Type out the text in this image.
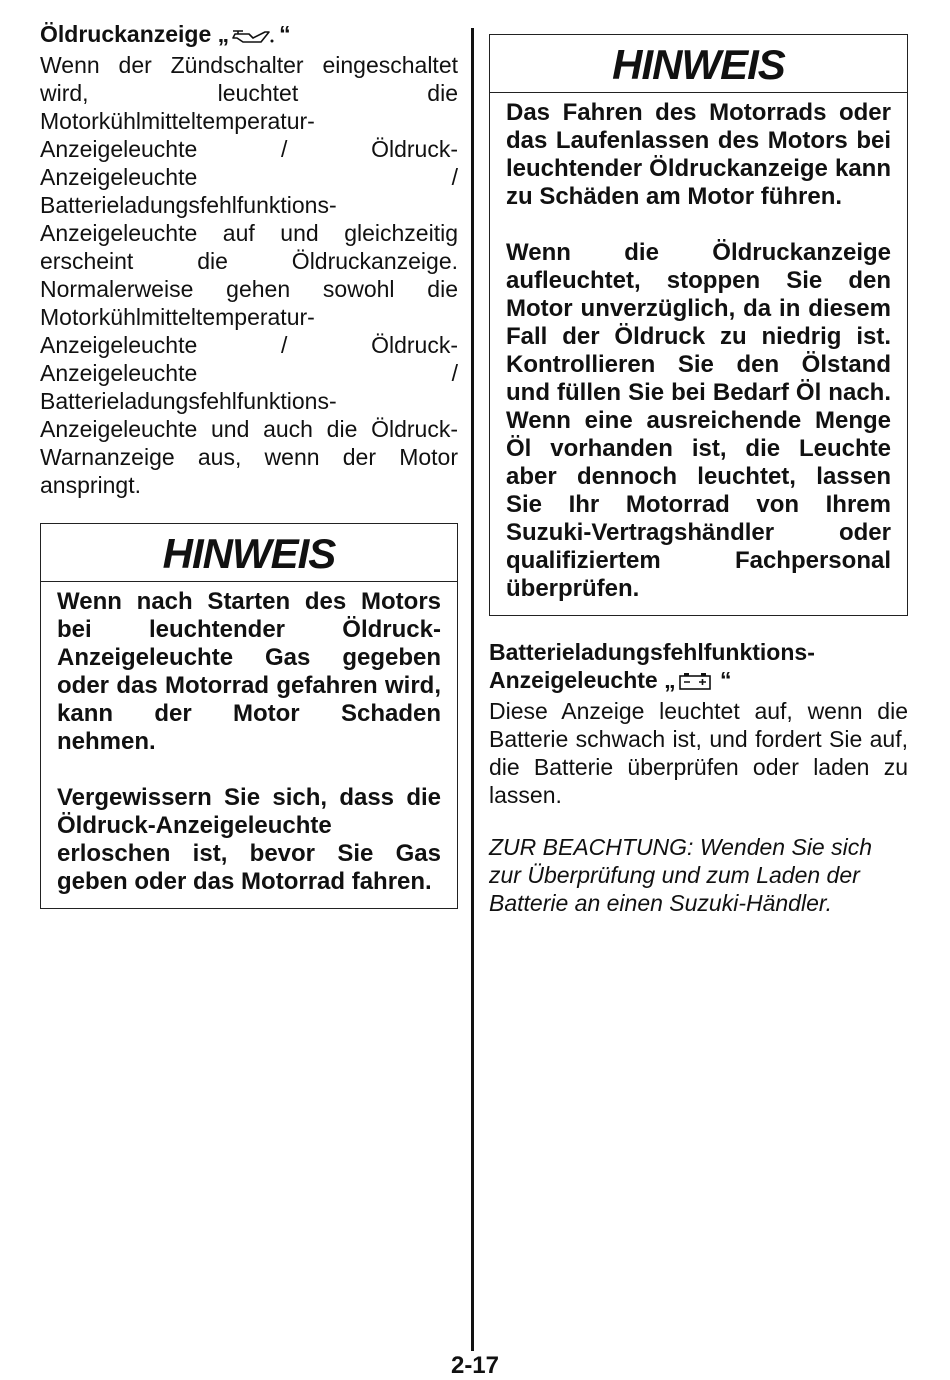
Öldruckanzeige „ “

Wenn der Zündschalter eingeschaltet wird, leuchtet die Motorkühlmitteltemperatur-Anzeigeleuchte / Öldruck-Anzeigeleuchte / Batterieladungsfehlfunktions-Anzeigeleuchte auf und gleichzeitig erscheint die Öldruckanzeige. Normalerweise gehen sowohl die Motorkühlmitteltemperatur-Anzeigeleuchte / Öldruck-Anzeigeleuchte / Batterieladungsfehlfunktions-Anzeigeleuchte und auch die Öldruck-Warnanzeige aus, wenn der Motor anspringt.

HINWEIS

Wenn nach Starten des Motors bei leuchtender Öldruck-Anzeigeleuchte Gas gegeben oder das Motorrad gefahren wird, kann der Motor Schaden nehmen.

Vergewissern Sie sich, dass die Öldruck-Anzeigeleuchte erloschen ist, bevor Sie Gas geben oder das Motorrad fahren.

HINWEIS

Das Fahren des Motorrads oder das Laufenlassen des Motors bei leuchtender Öldruckanzeige kann zu Schäden am Motor führen.

Wenn die Öldruckanzeige aufleuchtet, stoppen Sie den Motor unverzüglich, da in diesem Fall der Öldruck zu niedrig ist. Kontrollieren Sie den Ölstand und füllen Sie bei Bedarf Öl nach. Wenn eine ausreichende Menge Öl vorhanden ist, die Leuchte aber dennoch leuchtet, lassen Sie Ihr Motorrad von Ihrem Suzuki-Vertragshändler oder qualifiziertem Fachpersonal überprüfen.

Batterieladungsfehlfunktions-

Anzeigeleuchte „ “

Diese Anzeige leuchtet auf, wenn die Batterie schwach ist, und fordert Sie auf, die Batterie überprüfen oder laden zu lassen.

ZUR BEACHTUNG: Wenden Sie sich zur Überprüfung und zum Laden der Batterie an einen Suzuki-Händler.

2-17
